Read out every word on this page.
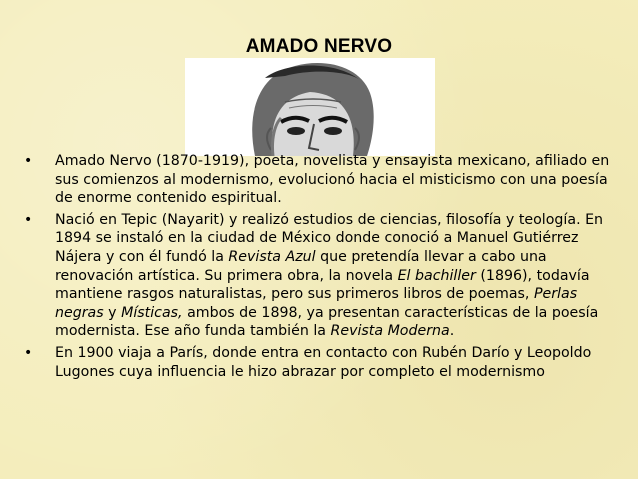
AMADO NERVO
• Amado Nervo (1870-1919), poeta, novelista y ensayista mexicano, afiliado en sus comienzos al modernismo, evolucionó hacia el misticismo con una poesía de enorme contenido espiritual.
• Nació en Tepic (Nayarit) y realizó estudios de ciencias, filosofía y teología. En 1894 se instaló en la ciudad de México donde conoció a Manuel Gutiérrez Nájera y con él fundó la Revista Azul que pretendía llevar a cabo una renovación artística. Su primera obra, la novela El bachiller (1896), todavía mantiene rasgos naturalistas, pero sus primeros libros de poemas, Perlas negras y Místicas, ambos de 1898, ya presentan características de la poesía modernista. Ese año funda también la Revista Moderna.
• En 1900 viaja a París, donde entra en contacto con Rubén Darío y Leopoldo Lugones cuya influencia le hizo abrazar por completo el modernismo
